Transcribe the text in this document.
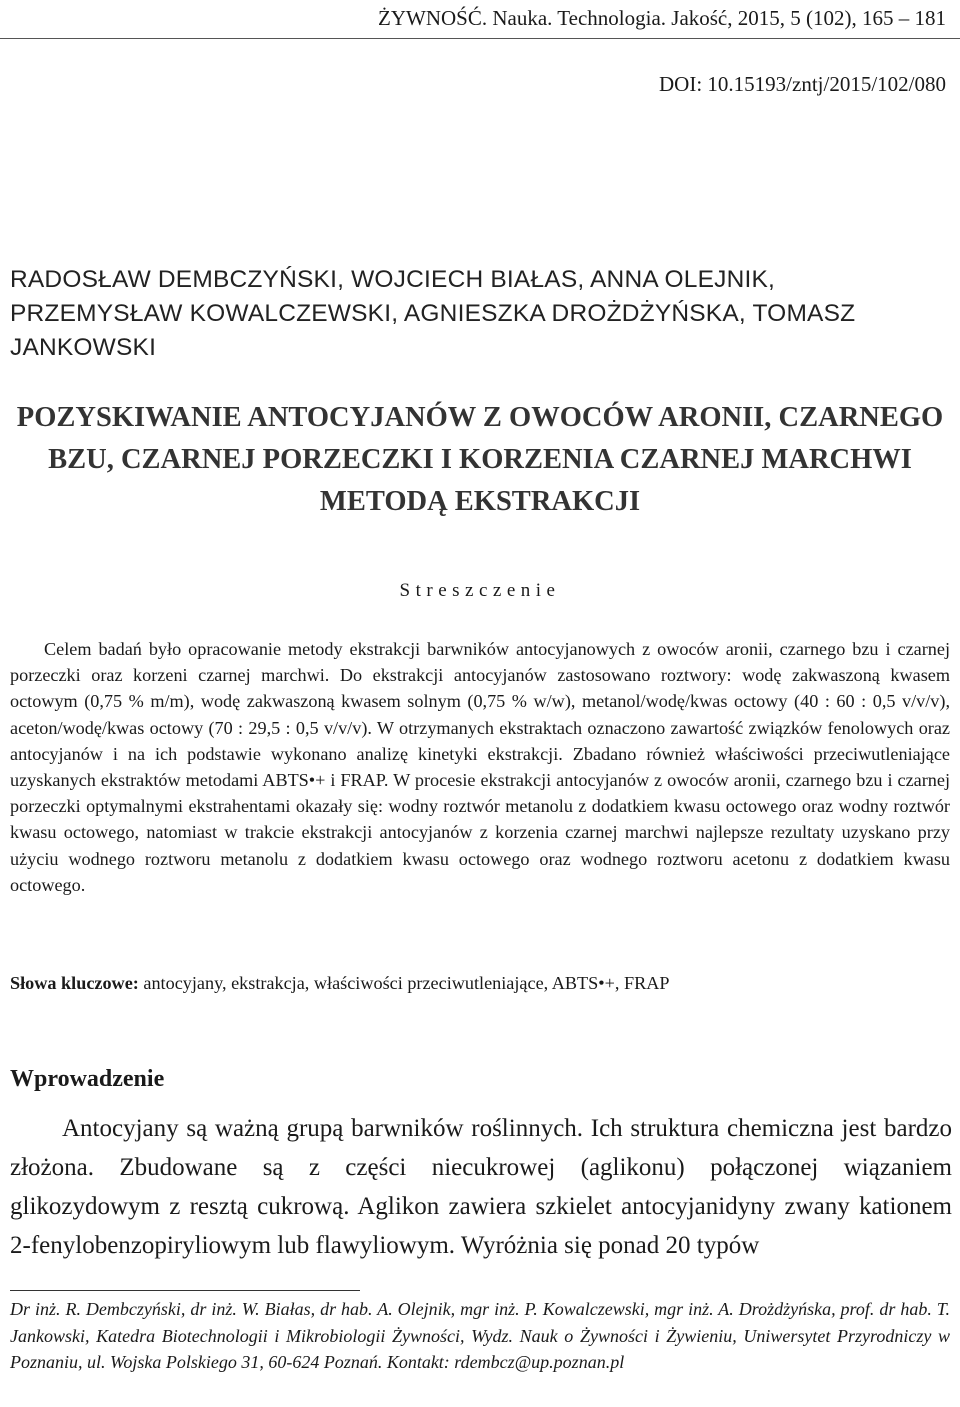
ŻYWNOŚĆ. Nauka. Technologia. Jakość, 2015, 5 (102), 165 – 181
DOI: 10.15193/zntj/2015/102/080
RADOSŁAW DEMBCZYŃSKI, WOJCIECH BIAŁAS, ANNA OLEJNIK, PRZEMYSŁAW KOWALCZEWSKI, AGNIESZKA DROŻDŻYŃSKA, TOMASZ JANKOWSKI
POZYSKIWANIE ANTOCYJANÓW Z OWOCÓW ARONII, CZARNEGO BZU, CZARNEJ PORZECZKI I KORZENIA CZARNEJ MARCHWI METODĄ EKSTRAKCJI
Streszczenie

Celem badań było opracowanie metody ekstrakcji barwników antocyjanowych z owoców aronii, czarnego bzu i czarnej porzeczki oraz korzeni czarnej marchwi. Do ekstrakcji antocyjanów zastosowano roztwory: wodę zakwaszoną kwasem octowym (0,75 % m/m), wodę zakwaszoną kwasem solnym (0,75 % w/w), metanol/wodę/kwas octowy (40 : 60 : 0,5 v/v/v), aceton/wodę/kwas octowy (70 : 29,5 : 0,5 v/v/v). W otrzymanych ekstraktach oznaczono zawartość związków fenolowych oraz antocyjanów i na ich podstawie wykonano analizę kinetyki ekstrakcji. Zbadano również właściwości przeciwutleniające uzyskanych ekstraktów metodami ABTS•+ i FRAP. W procesie ekstrakcji antocyjanów z owoców aronii, czarnego bzu i czarnej porzeczki optymalnymi ekstrahentami okazały się: wodny roztwór metanolu z dodatkiem kwasu octowego oraz wodny roztwór kwasu octowego, natomiast w trakcie ekstrakcji antocyjanów z korzenia czarnej marchwi najlepsze rezultaty uzyskano przy użyciu wodnego roztworu metanolu z dodatkiem kwasu octowego oraz wodnego roztworu acetonu z dodatkiem kwasu octowego.

Słowa kluczowe: antocyjany, ekstrakcja, właściwości przeciwutleniające, ABTS•+, FRAP
Wprowadzenie

Antocyjany są ważną grupą barwników roślinnych. Ich struktura chemiczna jest bardzo złożona. Zbudowane są z części niecukrowej (aglikonu) połączonej wiązaniem glikozydowym z resztą cukrową. Aglikon zawiera szkielet antocyjanidyny zwany kationem 2-fenylobenzopiryliowym lub flawyliowym. Wyróżnia się ponad 20 typów

Dr inż. R. Dembczyński, dr inż. W. Białas, dr hab. A. Olejnik, mgr inż. P. Kowalczewski, mgr inż. A. Drożdżyńska, prof. dr hab. T. Jankowski, Katedra Biotechnologii i Mikrobiologii Żywności, Wydz. Nauk o Żywności i Żywieniu, Uniwersytet Przyrodniczy w Poznaniu, ul. Wojska Polskiego 31, 60-624 Poznań. Kontakt: rdembcz@up.poznan.pl
